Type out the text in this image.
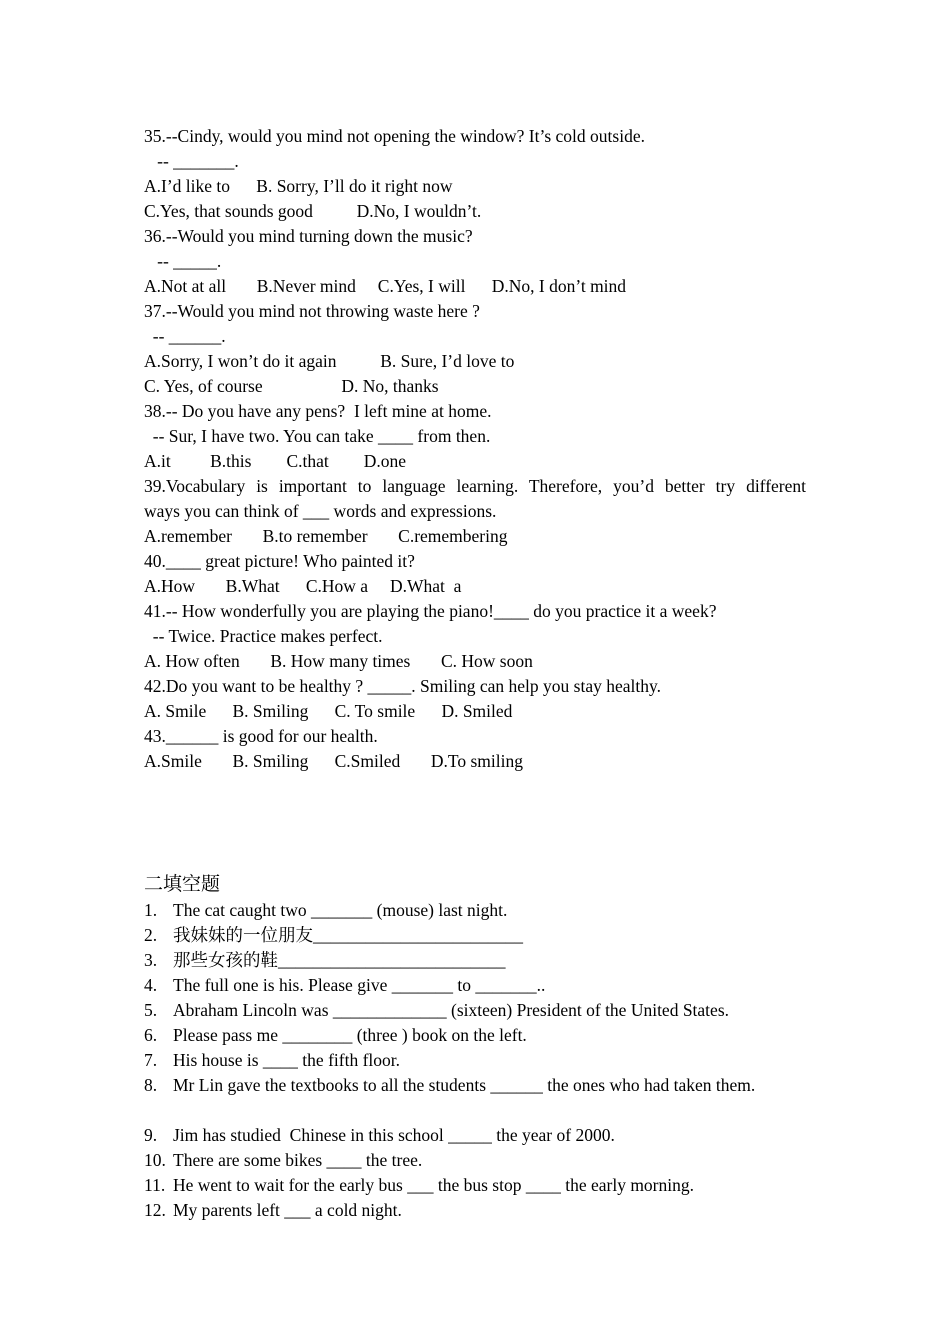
35.--Cindy, would you mind not opening the window? It’s cold outside.
-- _______.
A.I’d like to      B. Sorry, I’ll do it right now
C.Yes, that sounds good          D.No, I wouldn’t.
36.--Would you mind turning down the music?
-- _____.
A.Not at all       B.Never mind     C.Yes, I will      D.No, I don’t mind
37.--Would you mind not throwing waste here ?
-- ______.
A.Sorry, I won’t do it again          B. Sure, I’d love to
C. Yes, of course                  D. No, thanks
38.-- Do you have any pens?  I left mine at home.
-- Sur, I have two. You can take ____ from then.
A.it         B.this        C.that        D.one
39.Vocabulary is important to language learning. Therefore, you’d better try different
ways you can think of ___ words and expressions.
A.remember       B.to remember       C.remembering
40.____ great picture! Who painted it?
A.How       B.What      C.How a     D.What  a
41.-- How wonderfully you are playing the piano!____ do you practice it a week?
-- Twice. Practice makes perfect.
A. How often       B. How many times       C. How soon
42.Do you want to be healthy ? _____. Smiling can help you stay healthy.
A. Smile      B. Smiling      C. To smile      D. Smiled
43.______ is good for our health.
A.Smile       B. Smiling      C.Smiled       D.To smiling
二填空题
1. The cat caught two _______ (mouse) last night.
2. 我妹妹的一位朋友________________________
3. 那些女孩的鞋__________________________
4. The full one is his. Please give _______ to _______..
5. Abraham Lincoln was _____________ (sixteen) President of the United States.
6. Please pass me ________ (three ) book on the left.
7. His house is ____ the fifth floor.
8. Mr Lin gave the textbooks to all the students ______ the ones who had taken them.
9. Jim has studied  Chinese in this school _____ the year of 2000.
10. There are some bikes ____ the tree.
11. He went to wait for the early bus ___ the bus stop ____ the early morning.
12. My parents left ___ a cold night.
